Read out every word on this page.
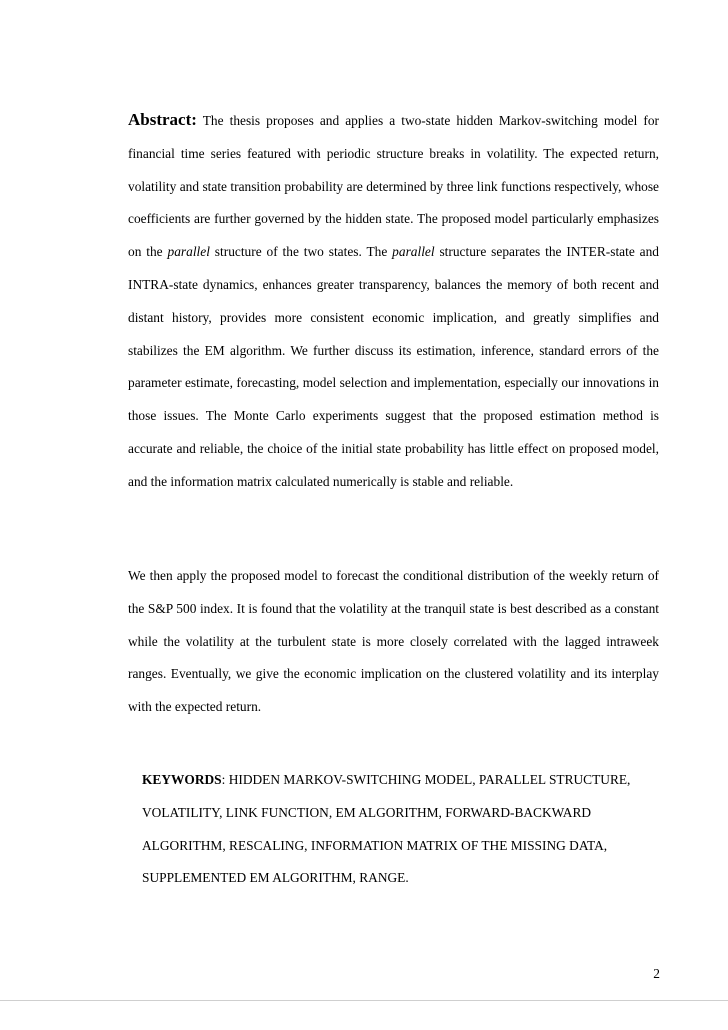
Abstract: The thesis proposes and applies a two-state hidden Markov-switching model for financial time series featured with periodic structure breaks in volatility. The expected return, volatility and state transition probability are determined by three link functions respectively, whose coefficients are further governed by the hidden state. The proposed model particularly emphasizes on the parallel structure of the two states. The parallel structure separates the INTER-state and INTRA-state dynamics, enhances greater transparency, balances the memory of both recent and distant history, provides more consistent economic implication, and greatly simplifies and stabilizes the EM algorithm. We further discuss its estimation, inference, standard errors of the parameter estimate, forecasting, model selection and implementation, especially our innovations in those issues. The Monte Carlo experiments suggest that the proposed estimation method is accurate and reliable, the choice of the initial state probability has little effect on proposed model, and the information matrix calculated numerically is stable and reliable.

We then apply the proposed model to forecast the conditional distribution of the weekly return of the S&P 500 index. It is found that the volatility at the tranquil state is best described as a constant while the volatility at the turbulent state is more closely correlated with the lagged intraweek ranges. Eventually, we give the economic implication on the clustered volatility and its interplay with the expected return.

KEYWORDS: HIDDEN MARKOV-SWITCHING MODEL, PARALLEL STRUCTURE, VOLATILITY, LINK FUNCTION, EM ALGORITHM, FORWARD-BACKWARD ALGORITHM, RESCALING, INFORMATION MATRIX OF THE MISSING DATA, SUPPLEMENTED EM ALGORITHM, RANGE.

2
